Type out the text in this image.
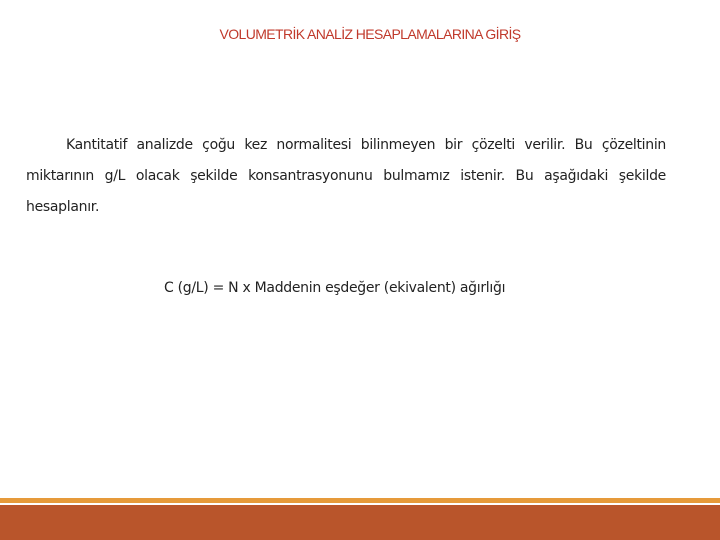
VOLUMETRİK ANALİZ HESAPLAMALARINA GİRİŞ
Kantitatif analizde çoğu kez normalitesi bilinmeyen bir çözelti verilir. Bu çözeltinin miktarının g/L olacak şekilde konsantrasyonunu bulmamız istenir. Bu aşağıdaki şekilde hesaplanır.
C (g/L) = N x Maddenin eşdeğer (ekivalent) ağırlığı
